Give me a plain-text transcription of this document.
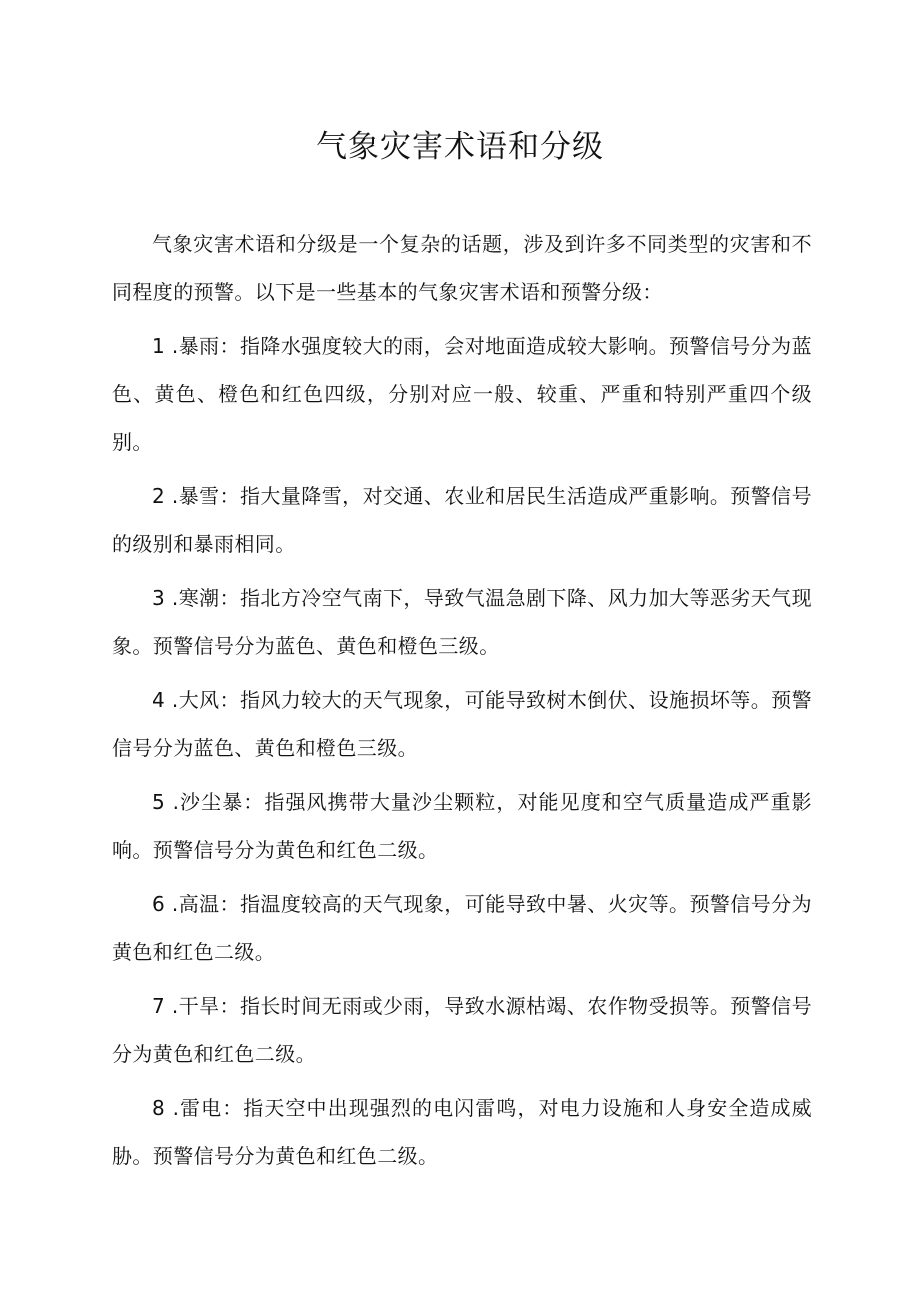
气象灾害术语和分级

气象灾害术语和分级是一个复杂的话题，涉及到许多不同类型的灾害和不同程度的预警。以下是一些基本的气象灾害术语和预警分级：

1 .暴雨：指降水强度较大的雨，会对地面造成较大影响。预警信号分为蓝色、黄色、橙色和红色四级，分别对应一般、较重、严重和特别严重四个级别。

2 .暴雪：指大量降雪，对交通、农业和居民生活造成严重影响。预警信号的级别和暴雨相同。

3 .寒潮：指北方冷空气南下，导致气温急剧下降、风力加大等恶劣天气现象。预警信号分为蓝色、黄色和橙色三级。

4 .大风：指风力较大的天气现象，可能导致树木倒伏、设施损坏等。预警信号分为蓝色、黄色和橙色三级。

5 .沙尘暴：指强风携带大量沙尘颗粒，对能见度和空气质量造成严重影响。预警信号分为黄色和红色二级。

6 .高温：指温度较高的天气现象，可能导致中暑、火灾等。预警信号分为黄色和红色二级。

7 .干旱：指长时间无雨或少雨，导致水源枯竭、农作物受损等。预警信号分为黄色和红色二级。

8 .雷电：指天空中出现强烈的电闪雷鸣，对电力设施和人身安全造成威胁。预警信号分为黄色和红色二级。
